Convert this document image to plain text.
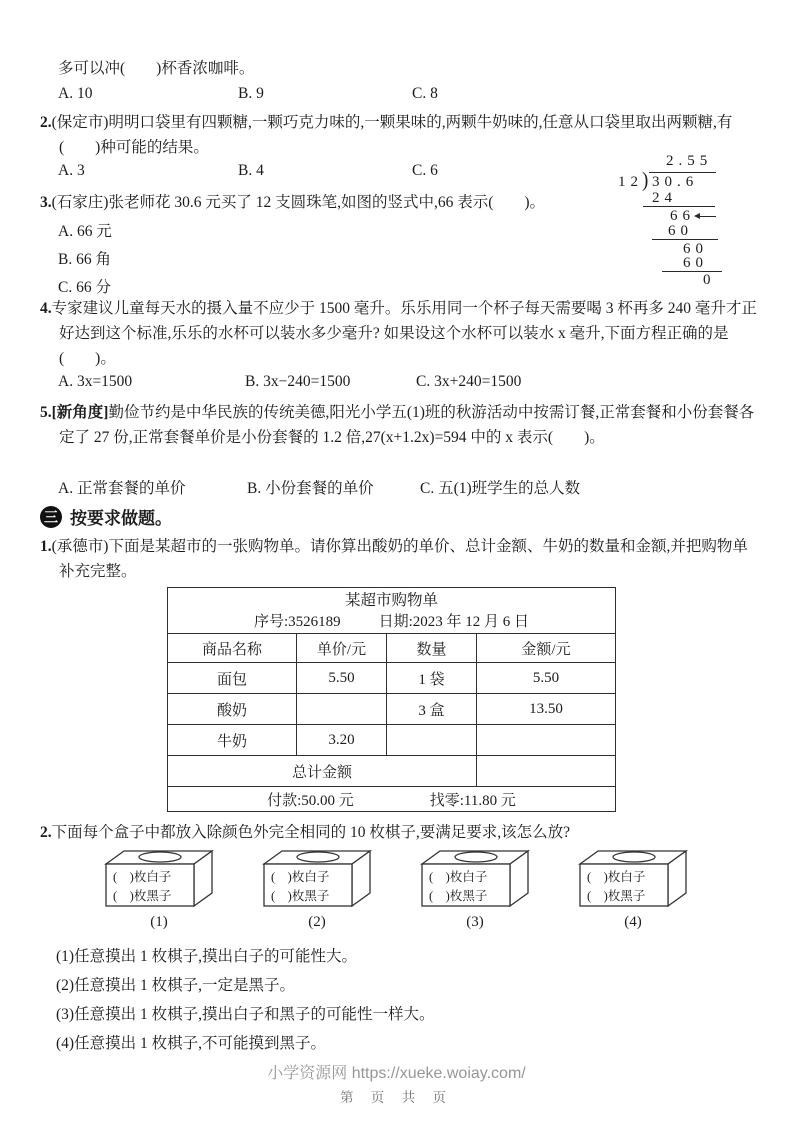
多可以冲(　　)杯香浓咖啡。
A. 10	B. 9	C. 8

2.(保定市)明明口袋里有四颗糖,一颗巧克力味的,一颗果味的,两颗牛奶味的,任意从口袋里取出两颗糖,有(　　)种可能的结果。

A. 3	B. 4	C. 6

3.(石家庄)张老师花 30.6 元买了 12 支圆珠笔,如图的竖式中,66 表示(　　)。

A. 66 元
B. 66 角
C. 66 分
2.55
12 ) 30.6
24
66
60
60
60
0

4.专家建议儿童每天水的摄入量不应少于 1500 毫升。乐乐用同一个杯子每天需要喝 3 杯再多 240 毫升才正好达到这个标准,乐乐的水杯可以装水多少毫升? 如果设这个水杯可以装水 x 毫升,下面方程正确的是(　　)。

A. 3x=1500	B. 3x−240=1500	C. 3x+240=1500

5.[新角度]勤俭节约是中华民族的传统美德,阳光小学五(1)班的秋游活动中按需订餐,正常套餐和小份套餐各定了 27 份,正常套餐单价是小份套餐的 1.2 倍,27(x+1.2x)=594 中的 x 表示(　　)。

A. 正常套餐的单价	B. 小份套餐的单价	C. 五(1)班学生的总人数
三 按要求做题。

1.(承德市)下面是某超市的一张购物单。请你算出酸奶的单价、总计金额、牛奶的数量和金额,并把购物单补充完整。

某超市购物单
序号:3526189 日期:2023 年 12 月 6 日			

商品名称	单价/元	数量	金额/元
面包	5.50	1 袋	5.50
酸奶		3 盒	13.50
牛奶	3.20		
总计金额			

付款:50.00 元 找零:11.80 元			

2.下面每个盒子中都放入除颜色外完全相同的 10 枚棋子,要满足要求,该怎么放?

(　)枚白子
(　)枚黑子
(1)
(　)枚白子
(　)枚黑子
(2)
(　)枚白子
(　)枚黑子
(3)
(　)枚白子
(　)枚黑子
(4)
(1)任意摸出 1 枚棋子,摸出白子的可能性大。
(2)任意摸出 1 枚棋子,一定是黑子。
(3)任意摸出 1 枚棋子,摸出白子和黑子的可能性一样大。
(4)任意摸出 1 枚棋子,不可能摸到黑子。
小学资源网 https://xueke.woiay.com/
第 页 共 页
